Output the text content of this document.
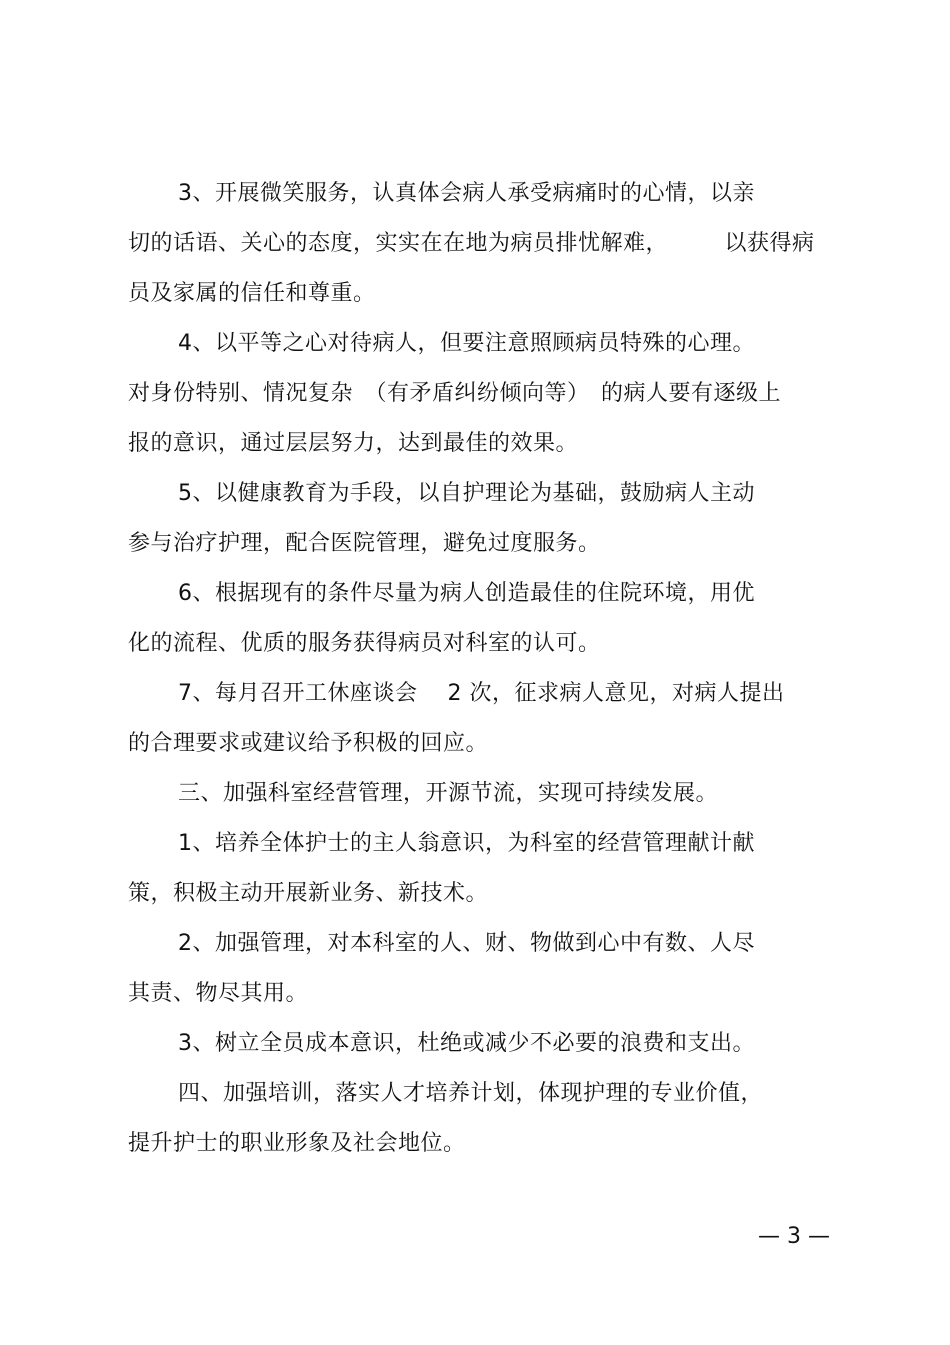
3、开展微笑服务，认真体会病人承受病痛时的心情，以亲
切的话语、关心的态度，实实在在地为病员排忧解难，　　　以获得病
员及家属的信任和尊重。
4、以平等之心对待病人，但要注意照顾病员特殊的心理。
对身份特别、情况复杂　（有矛盾纠纷倾向等）　的病人要有逐级上
报的意识，通过层层努力，达到最佳的效果。
5、以健康教育为手段，以自护理论为基础，鼓励病人主动
参与治疗护理，配合医院管理，避免过度服务。
6、根据现有的条件尽量为病人创造最佳的住院环境，用优
化的流程、优质的服务获得病员对科室的认可。
7、每月召开工休座谈会　 2 次，征求病人意见，对病人提出
的合理要求或建议给予积极的回应。
三、加强科室经营管理，开源节流，实现可持续发展。
1、培养全体护士的主人翁意识，为科室的经营管理献计献
策，积极主动开展新业务、新技术。
2、加强管理，对本科室的人、财、物做到心中有数、人尽
其责、物尽其用。
3、树立全员成本意识，杜绝或减少不必要的浪费和支出。
四、加强培训，落实人才培养计划，体现护理的专业价值，
提升护士的职业形象及社会地位。
— 3 —
